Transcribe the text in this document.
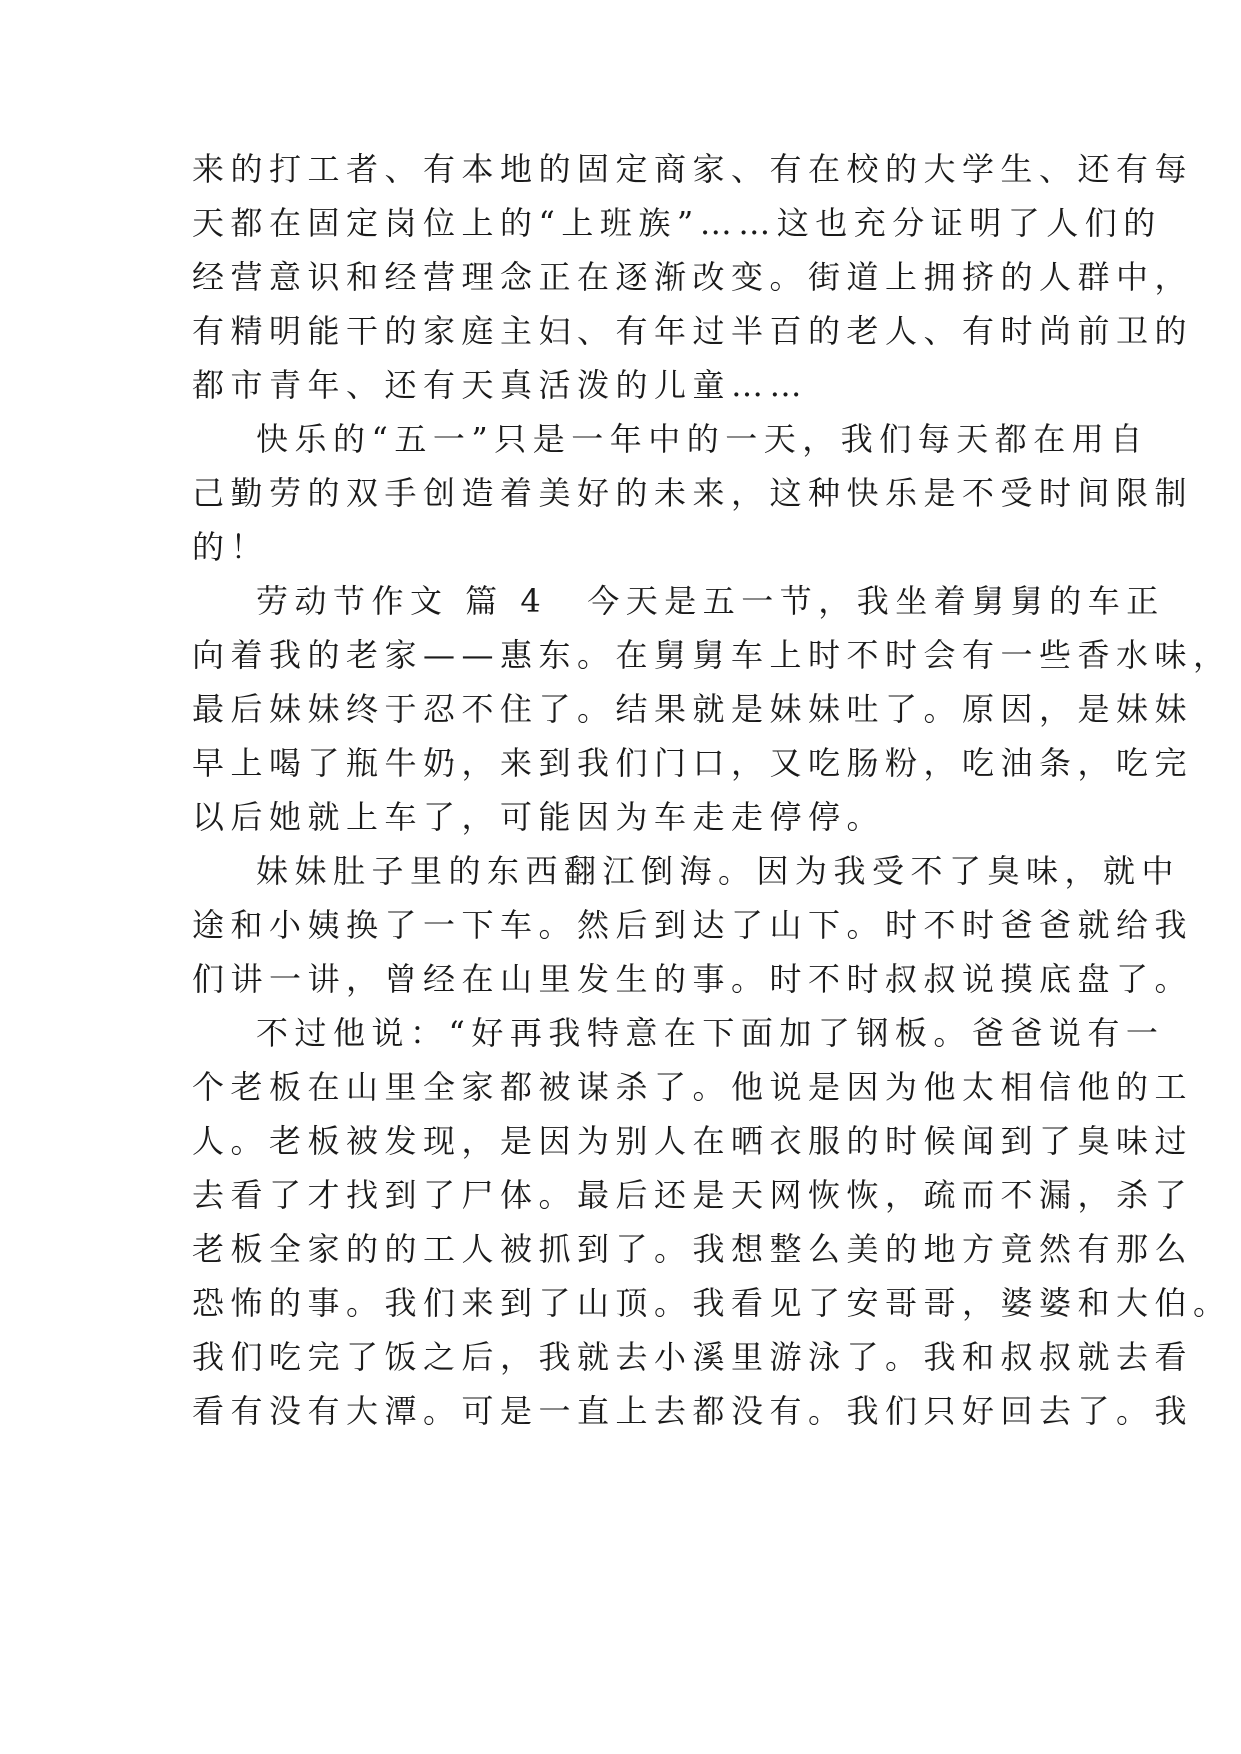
来的打工者、有本地的固定商家、有在校的大学生、还有每
天都在固定岗位上的“上班族”……这也充分证明了人们的
经营意识和经营理念正在逐渐改变。街道上拥挤的人群中，
有精明能干的家庭主妇、有年过半百的老人、有时尚前卫的
都市青年、还有天真活泼的儿童……
快乐的“五一”只是一年中的一天，我们每天都在用自
己勤劳的双手创造着美好的未来，这种快乐是不受时间限制
的！
劳动节作文 篇 4 今天是五一节，我坐着舅舅的车正
向着我的老家——惠东。在舅舅车上时不时会有一些香水味，
最后妹妹终于忍不住了。结果就是妹妹吐了。原因，是妹妹
早上喝了瓶牛奶，来到我们门口，又吃肠粉，吃油条，吃完
以后她就上车了，可能因为车走走停停。
妹妹肚子里的东西翻江倒海。因为我受不了臭味，就中
途和小姨换了一下车。然后到达了山下。时不时爸爸就给我
们讲一讲，曾经在山里发生的事。时不时叔叔说摸底盘了。
不过他说：“好再我特意在下面加了钢板。爸爸说有一
个老板在山里全家都被谋杀了。他说是因为他太相信他的工
人。老板被发现，是因为别人在晒衣服的时候闻到了臭味过
去看了才找到了尸体。最后还是天网恢恢，疏而不漏，杀了
老板全家的的工人被抓到了。我想整么美的地方竟然有那么
恐怖的事。我们来到了山顶。我看见了安哥哥，婆婆和大伯。
我们吃完了饭之后，我就去小溪里游泳了。我和叔叔就去看
看有没有大潭。可是一直上去都没有。我们只好回去了。我
